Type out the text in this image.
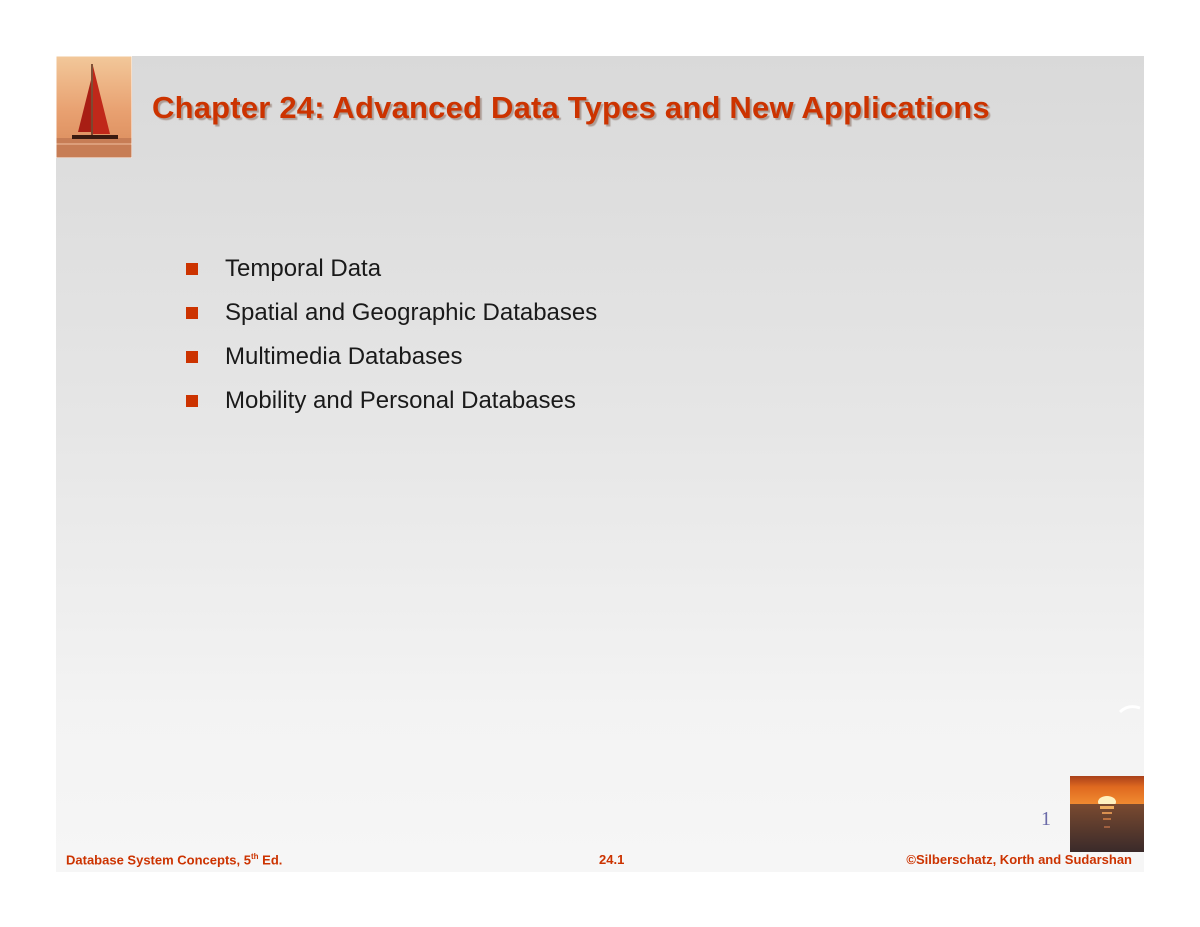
Chapter 24: Advanced Data Types and New Applications
Temporal Data
Spatial and Geographic Databases
Multimedia Databases
Mobility and Personal Databases
1
Database System Concepts, 5th Ed.	24.1	©Silberschatz, Korth and Sudarshan
